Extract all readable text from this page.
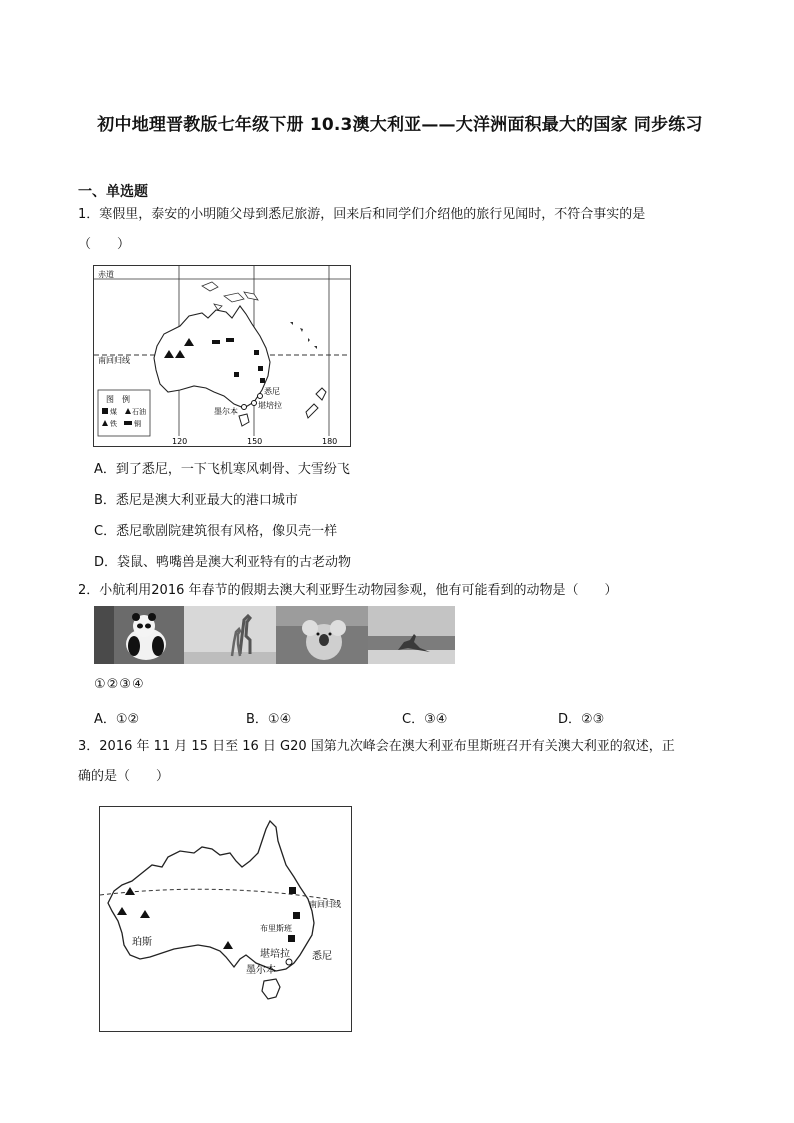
初中地理晋教版七年级下册 10.3澳大利亚——大洋洲面积最大的国家 同步练习
一、单选题
1．寒假里，泰安的小明随父母到悉尼旅游，回来后和同学们介绍他的旅行见闻时，不符合事实的是
（　　）
赤道
南回归线
悉尼
堪培拉
墨尔本
图　例
煤 石油
铁 铜
120	150	180
A．到了悉尼，一下飞机寒风刺骨、大雪纷飞
B．悉尼是澳大利亚最大的港口城市
C．悉尼歌剧院建筑很有风格，像贝壳一样
D．袋鼠、鸭嘴兽是澳大利亚特有的古老动物
2．小航利用2016 年春节的假期去澳大利亚野生动物园参观，他有可能看到的动物是（　　）
①②③④
A．①②	B．①④	C．③④	D．②③
3．2016 年 11 月 15 日至 16 日 G20 国第九次峰会在澳大利亚布里斯班召开有关澳大利亚的叙述，正
确的是（　　）
南回归线
布里斯班
珀斯
堪培拉 悉尼
墨尔本
